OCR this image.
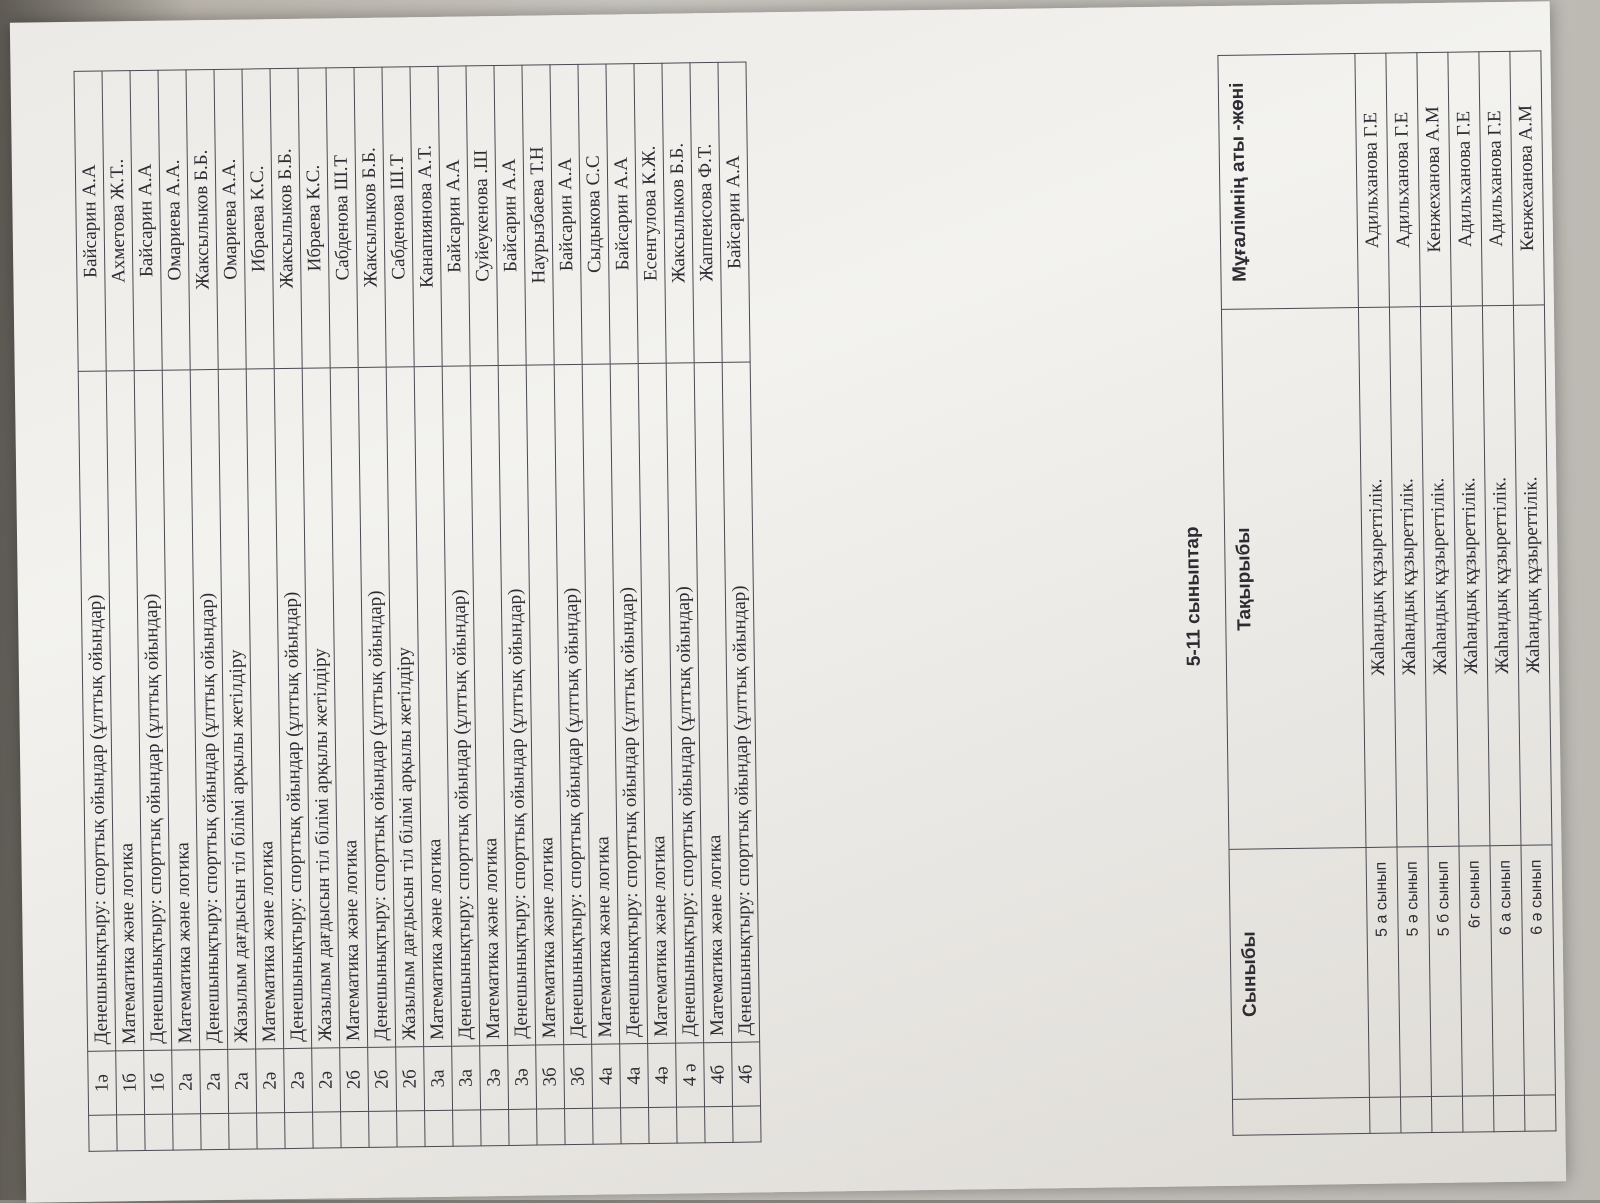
	1ә	Денешынықтыру: спорттық ойындар (ұлттық ойындар)	Байсарин А.А
	1б	Математика және логика	Ахметова Ж.Т..
	1б	Денешынықтыру: спорттық ойындар (ұлттық ойындар)	Байсарин А.А
	2а	Математика және логика	Омариева А.А.
	2а	Денешынықтыру: спорттық ойындар (ұлттық ойындар)	Жаксылыков Б.Б.
	2а	Жазылым дағдысын тіл білімі арқылы жетілдіру	Омариева А.А.
	2ә	Математика және логика	Ибраева К.С.
	2ә	Денешынықтыру: спорттық ойындар (ұлттық ойындар)	Жаксылыков Б.Б.
	2ә	Жазылым дағдысын тіл білімі арқылы жетілдіру	Ибраева К.С.
	2б	Математика және логика	Сабденова Ш.Т
	2б	Денешынықтыру: спорттық ойындар (ұлттық ойындар)	Жаксылыков Б.Б.
	2б	Жазылым дағдысын тіл білімі арқылы жетілдіру	Сабденова Ш.Т
	3а	Математика және логика	Канапиянова А.Т.
	3а	Денешынықтыру: спорттық ойындар (ұлттық ойындар)	Байсарин А.А
	3ә	Математика және логика	Суйеукенова .Ш
	3ә	Денешынықтыру: спорттық ойындар (ұлттық ойындар)	Байсарин А.А
	3б	Математика және логика	Наурызбаева Т.Н
	3б	Денешынықтыру: спорттық ойындар (ұлттық ойындар)	Байсарин А.А
	4а	Математика және логика	Сыдыкова С.С
	4а	Денешынықтыру: спорттық ойындар (ұлттық ойындар)	Байсарин А.А
	4ә	Математика және логика	Есенгулова К.Ж.
	4 ә	Денешынықтыру: спорттық ойындар (ұлттық ойындар)	Жаксылыков Б.Б.
	4б	Математика және логика	Жаппеисова Ф.Т.
	4б	Денешынықтыру: спорттық ойындар (ұлттық ойындар)	Байсарин А.А
5-11 сыныптар
	Сыныбы	Тақырыбы	Мұғалімнің аты -жөні
	5 а сынып	Жаһандық құзыреттілік.	Адильханова Г.Е
	5 ә сынып	Жаһандық құзыреттілік.	Адильханова Г.Е
	5 б сынып	Жаһандық құзыреттілік.	Кенжеханова А.М
	6г сынып	Жаһандық құзыреттілік.	Адильханова Г.Е
	6 а сынып	Жаһандық құзыреттілік.	Адильханова Г.Е
	6 ә сынып	Жаһандық құзыреттілік.	Кенжеханова А.М
